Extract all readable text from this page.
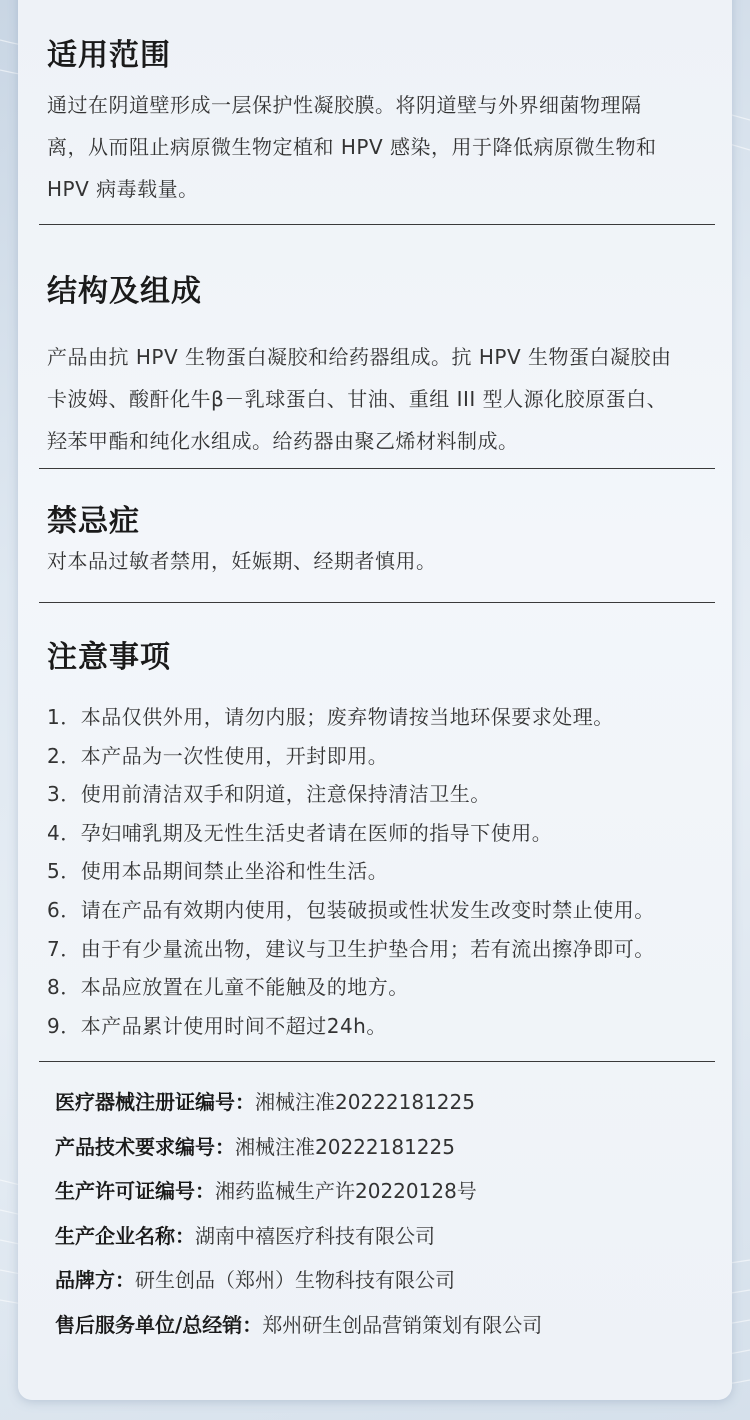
适用范围

通过在阴道壁形成一层保护性凝胶膜。将阴道壁与外界细菌物理隔

离，从而阻止病原微生物定植和 HPV 感染，用于降低病原微生物和

HPV 病毒载量。

结构及组成

产品由抗 HPV 生物蛋白凝胶和给药器组成。抗 HPV 生物蛋白凝胶由

卡波姆、酸酐化牛β－乳球蛋白、甘油、重组 III 型人源化胶原蛋白、

羟苯甲酯和纯化水组成。给药器由聚乙烯材料制成。

禁忌症

对本品过敏者禁用，妊娠期、经期者慎用。

注意事项
1．本品仅供外用，请勿内服；废弃物请按当地环保要求处理。
2．本产品为一次性使用，开封即用。
3．使用前清洁双手和阴道，注意保持清洁卫生。
4．孕妇哺乳期及无性生活史者请在医师的指导下使用。
5．使用本品期间禁止坐浴和性生活。
6．请在产品有效期内使用，包装破损或性状发生改变时禁止使用。
7．由于有少量流出物，建议与卫生护垫合用；若有流出擦净即可。
8．本品应放置在儿童不能触及的地方。
9．本产品累计使用时间不超过24h。
医疗器械注册证编号：湘械注准20222181225
产品技术要求编号：湘械注准20222181225
生产许可证编号：湘药监械生产许20220128号
生产企业名称：湖南中禧医疗科技有限公司
品牌方：研生创品（郑州）生物科技有限公司
售后服务单位/总经销：郑州研生创品营销策划有限公司
